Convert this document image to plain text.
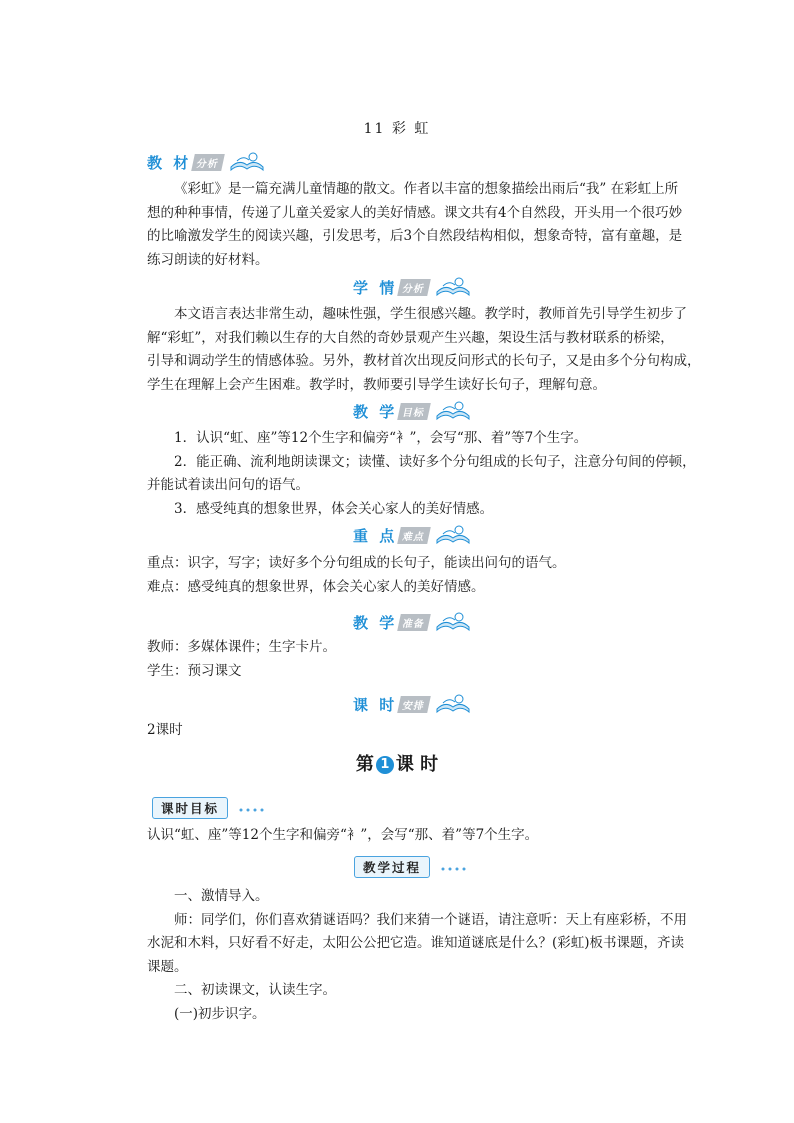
11 彩 虹
教 材 分析
《彩虹》是一篇充满儿童情趣的散文。作者以丰富的想象描绘出雨后“我” 在彩虹上所
想的种种事情，传递了儿童关爱家人的美好情感。课文共有4个自然段，开头用一个很巧妙
的比喻激发学生的阅读兴趣，引发思考，后3个自然段结构相似，想象奇特，富有童趣，是
练习朗读的好材料。
学 情 分析
本文语言表达非常生动，趣味性强，学生很感兴趣。教学时，教师首先引导学生初步了
解“彩虹”，对我们赖以生存的大自然的奇妙景观产生兴趣，架设生活与教材联系的桥梁，
引导和调动学生的情感体验。另外，教材首次出现反问形式的长句子，又是由多个分句构成，
学生在理解上会产生困难。教学时，教师要引导学生读好长句子，理解句意。
教 学 目标
1．认识“虹、座”等12个生字和偏旁“衤”，会写“那、着”等7个生字。
2．能正确、流利地朗读课文；读懂、读好多个分句组成的长句子，注意分句间的停顿，
并能试着读出问句的语气。
3．感受纯真的想象世界，体会关心家人的美好情感。
重 点 难点
重点：识字，写字；读好多个分句组成的长句子，能读出问句的语气。
难点：感受纯真的想象世界，体会关心家人的美好情感。
教 学 准备
教师：多媒体课件；生字卡片。
学生：预习课文
课 时 安排
2课时
第 1 课 时
课时目标
认识“虹、座”等12个生字和偏旁“衤”，会写“那、着”等7个生字。
教学过程
一、激情导入。
师：同学们，你们喜欢猜谜语吗？我们来猜一个谜语，请注意听：天上有座彩桥，不用
水泥和木料，只好看不好走，太阳公公把它造。谁知道谜底是什么？(彩虹)板书课题，齐读
课题。
二、初读课文，认读生字。
(一)初步识字。
